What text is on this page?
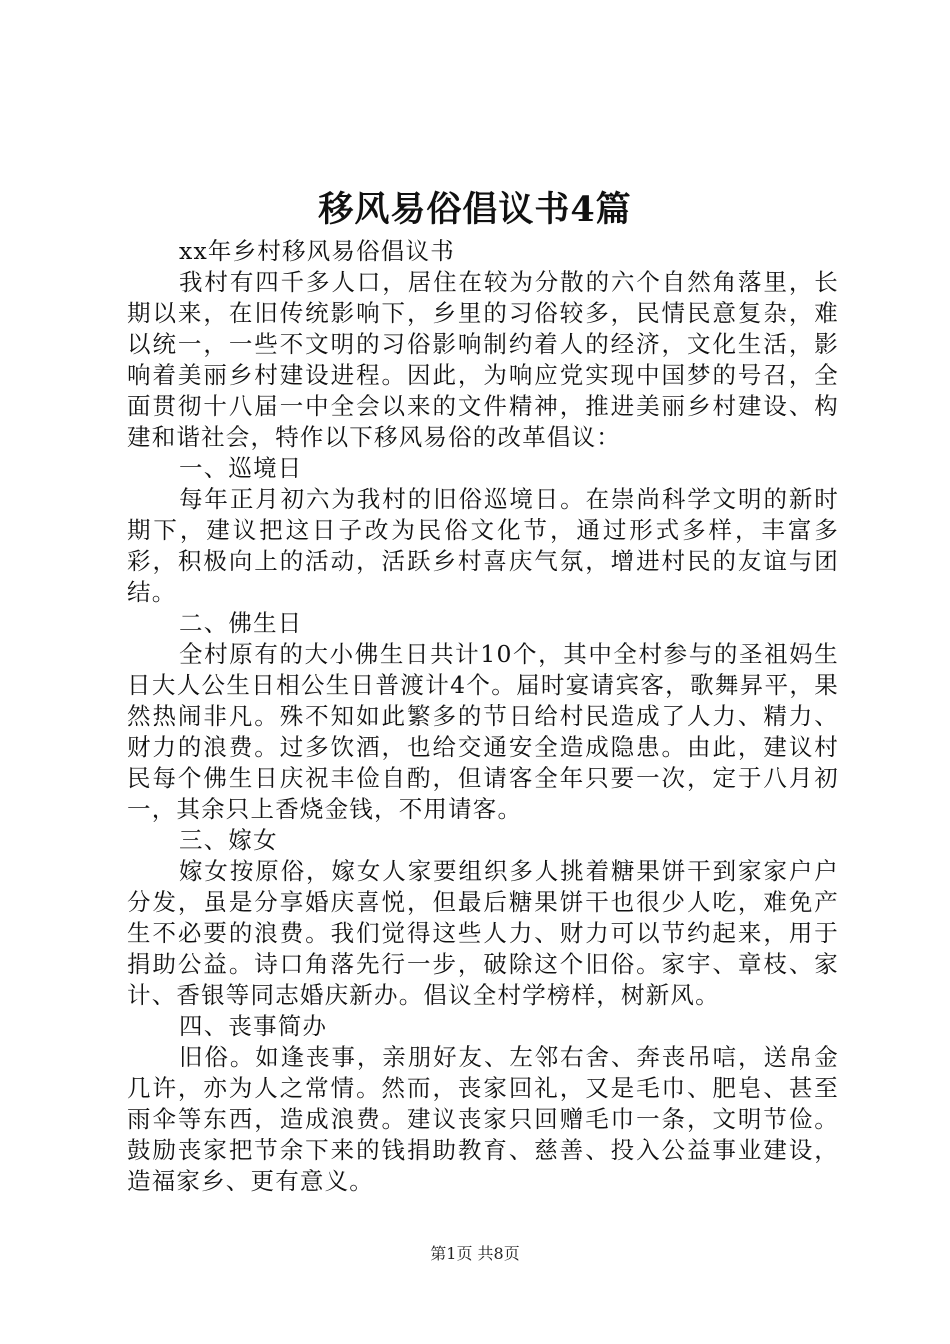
移风易俗倡议书4篇

xx年乡村移风易俗倡议书

我村有四千多人口，居住在较为分散的六个自然角落里，长期以来，在旧传统影响下，乡里的习俗较多，民情民意复杂，难以统一，一些不文明的习俗影响制约着人的经济，文化生活，影响着美丽乡村建设进程。因此，为响应党实现中国梦的号召，全面贯彻十八届一中全会以来的文件精神，推进美丽乡村建设、构建和谐社会，特作以下移风易俗的改革倡议：

一、巡境日

每年正月初六为我村的旧俗巡境日。在崇尚科学文明的新时期下，建议把这日子改为民俗文化节，通过形式多样，丰富多彩，积极向上的活动，活跃乡村喜庆气氛，增进村民的友谊与团结。

二、佛生日

全村原有的大小佛生日共计10个，其中全村参与的圣祖妈生日大人公生日相公生日普渡计4个。届时宴请宾客，歌舞昇平，果然热闹非凡。殊不知如此繁多的节日给村民造成了人力、精力、财力的浪费。过多饮酒，也给交通安全造成隐患。由此，建议村民每个佛生日庆祝丰俭自酌，但请客全年只要一次，定于八月初一，其余只上香烧金钱，不用请客。

三、嫁女

嫁女按原俗，嫁女人家要组织多人挑着糖果饼干到家家户户分发，虽是分享婚庆喜悦，但最后糖果饼干也很少人吃，难免产生不必要的浪费。我们觉得这些人力、财力可以节约起来，用于捐助公益。诗口角落先行一步，破除这个旧俗。家宇、章枝、家计、香银等同志婚庆新办。倡议全村学榜样，树新风。

四、丧事简办

旧俗。如逢丧事，亲朋好友、左邻右舍、奔丧吊唁，送帛金几许，亦为人之常情。然而，丧家回礼，又是毛巾、肥皂、甚至雨伞等东西，造成浪费。建议丧家只回赠毛巾一条，文明节俭。鼓励丧家把节余下来的钱捐助教育、慈善、投入公益事业建设，造福家乡、更有意义。

第1页 共8页
